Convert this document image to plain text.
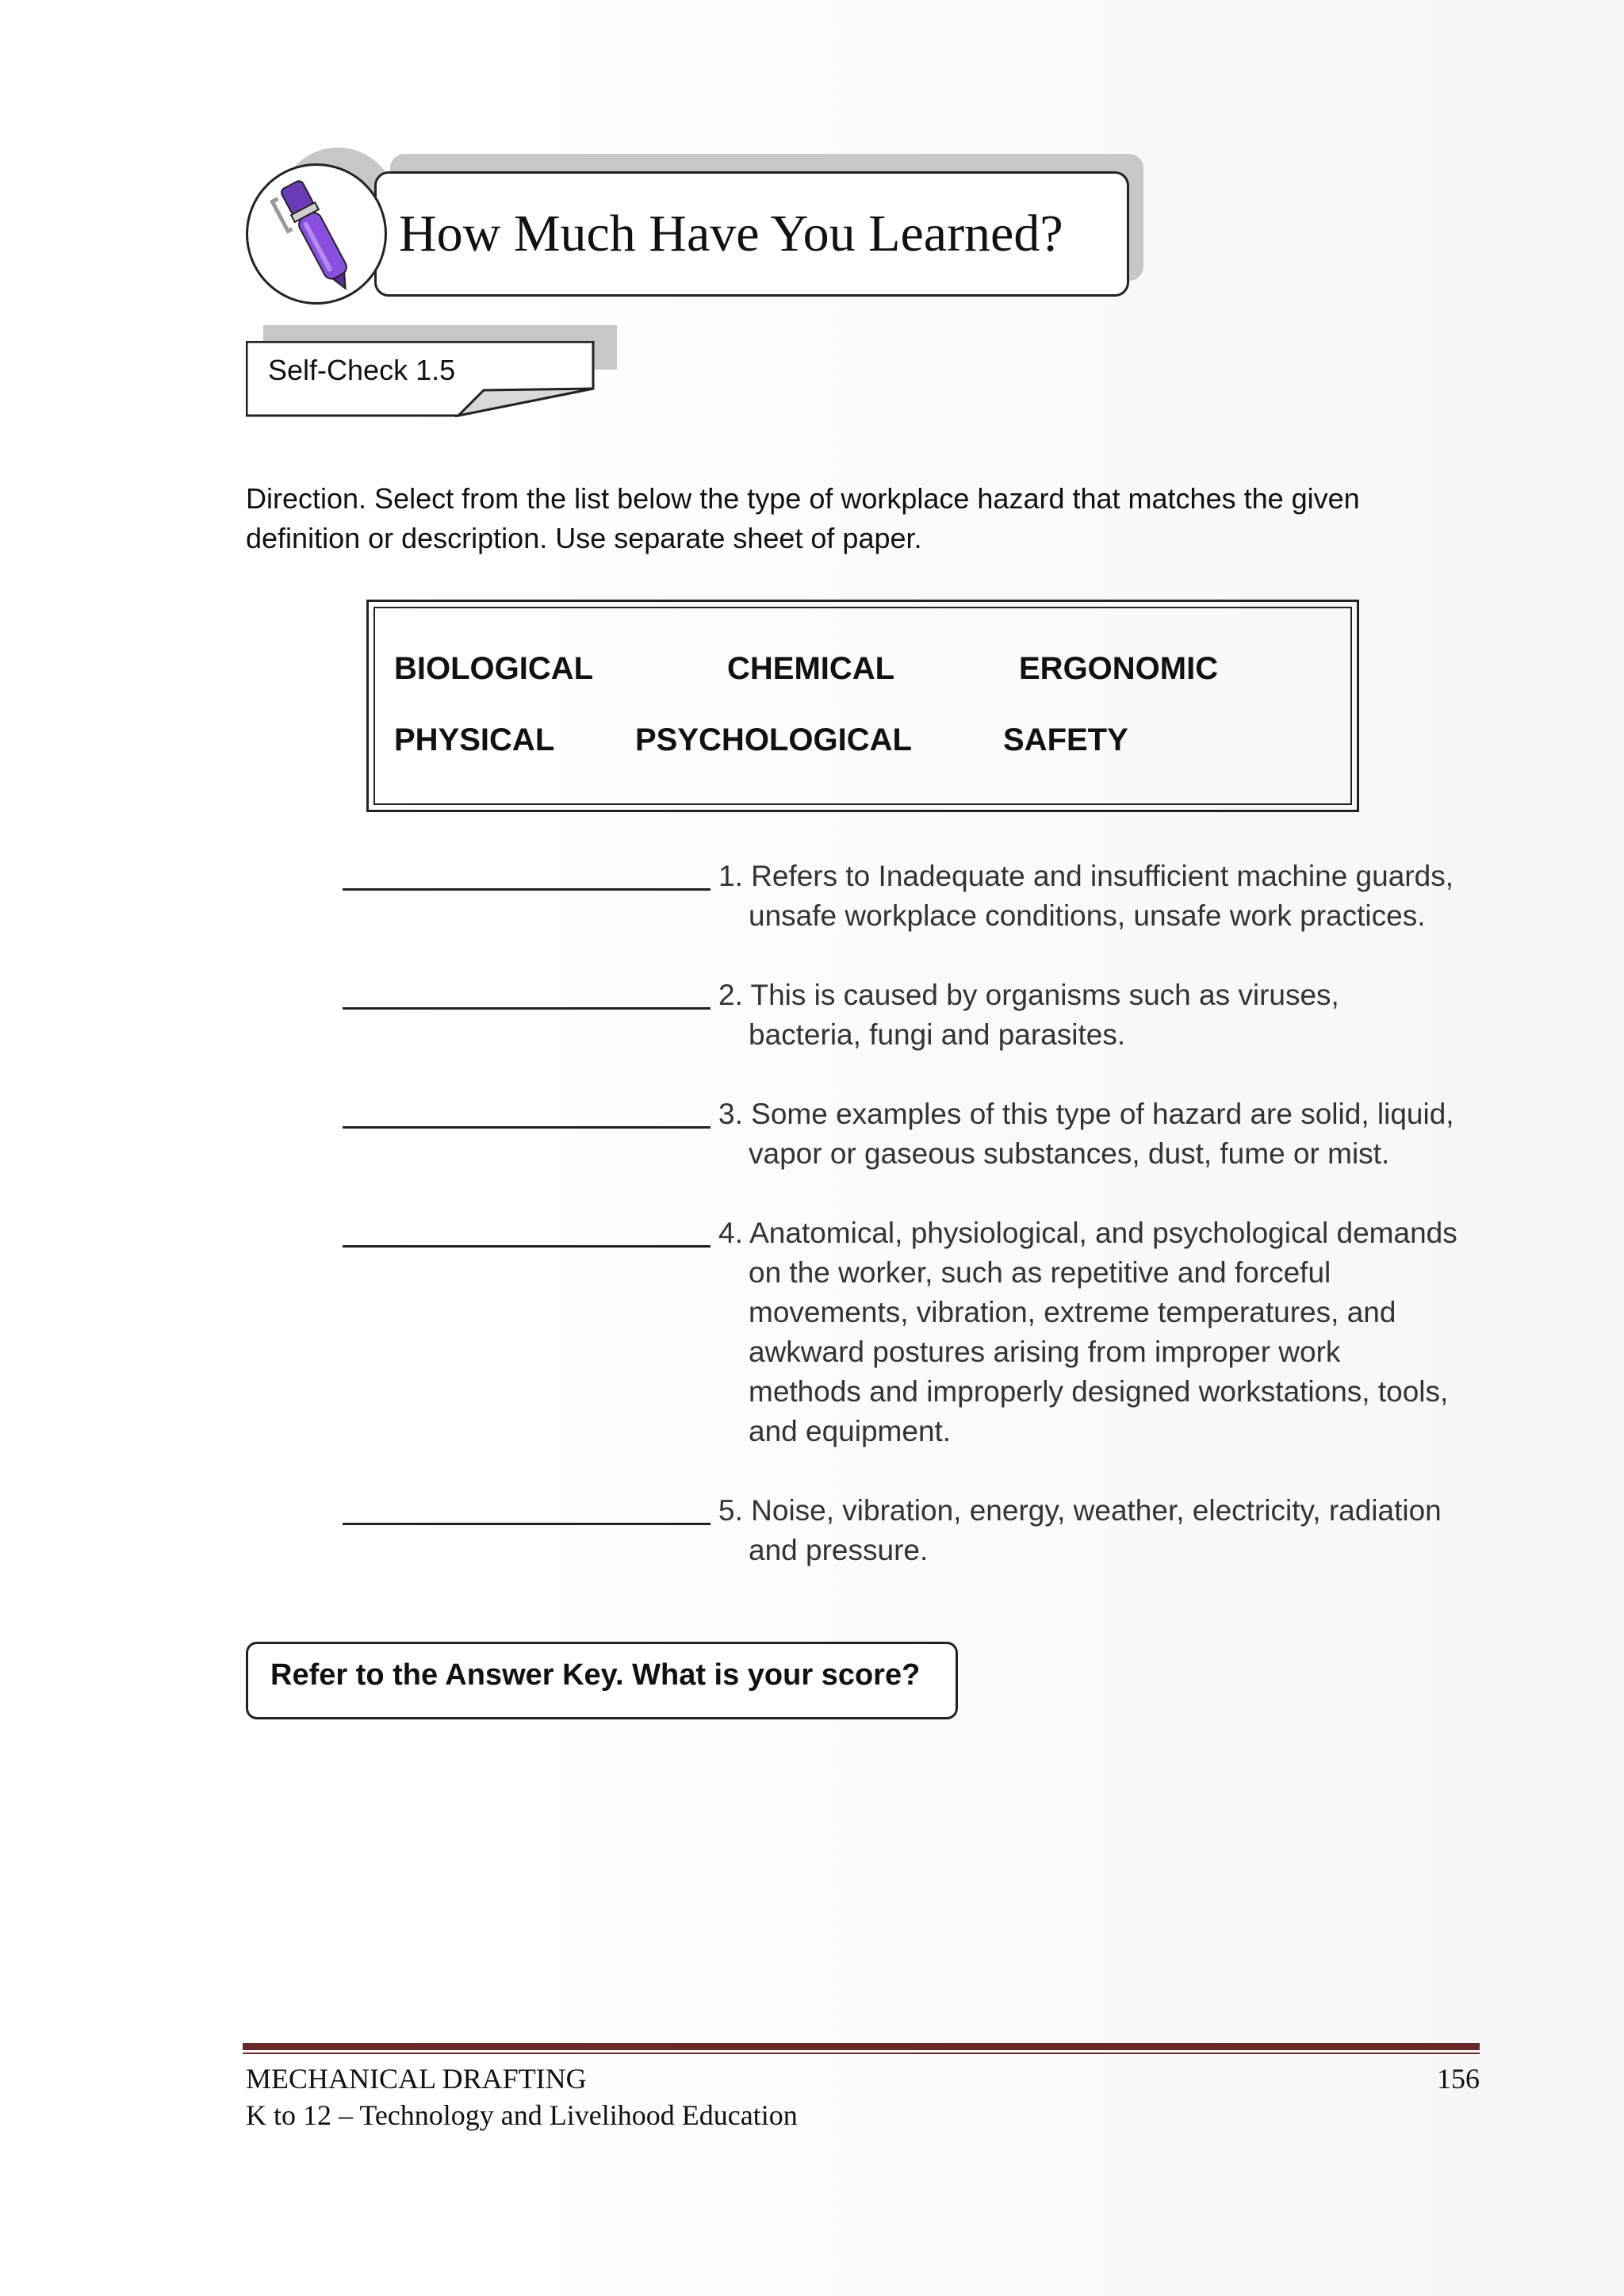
How Much Have You Learned?
Self-Check 1.5
Direction. Select from the list below the type of workplace hazard that matches the given
definition or description. Use separate sheet of paper.
BIOLOGICAL	CHEMICAL	ERGONOMIC
PHYSICAL	PSYCHOLOGICAL	SAFETY
1. Refers to Inadequate and insufficient machine guards,
unsafe workplace conditions, unsafe work practices.
2. This is caused by organisms such as viruses,
bacteria, fungi and parasites.
3. Some examples of this type of hazard are solid, liquid,
vapor or gaseous substances, dust, fume or mist.
4. Anatomical, physiological, and psychological demands
on the worker, such as repetitive and forceful
movements, vibration, extreme temperatures, and
awkward postures arising from improper work
methods and improperly designed workstations, tools,
and equipment.
5. Noise, vibration, energy, weather, electricity, radiation
and pressure.
Refer to the Answer Key. What is your score?
MECHANICAL DRAFTING
K to 12 – Technology and Livelihood Education
156
